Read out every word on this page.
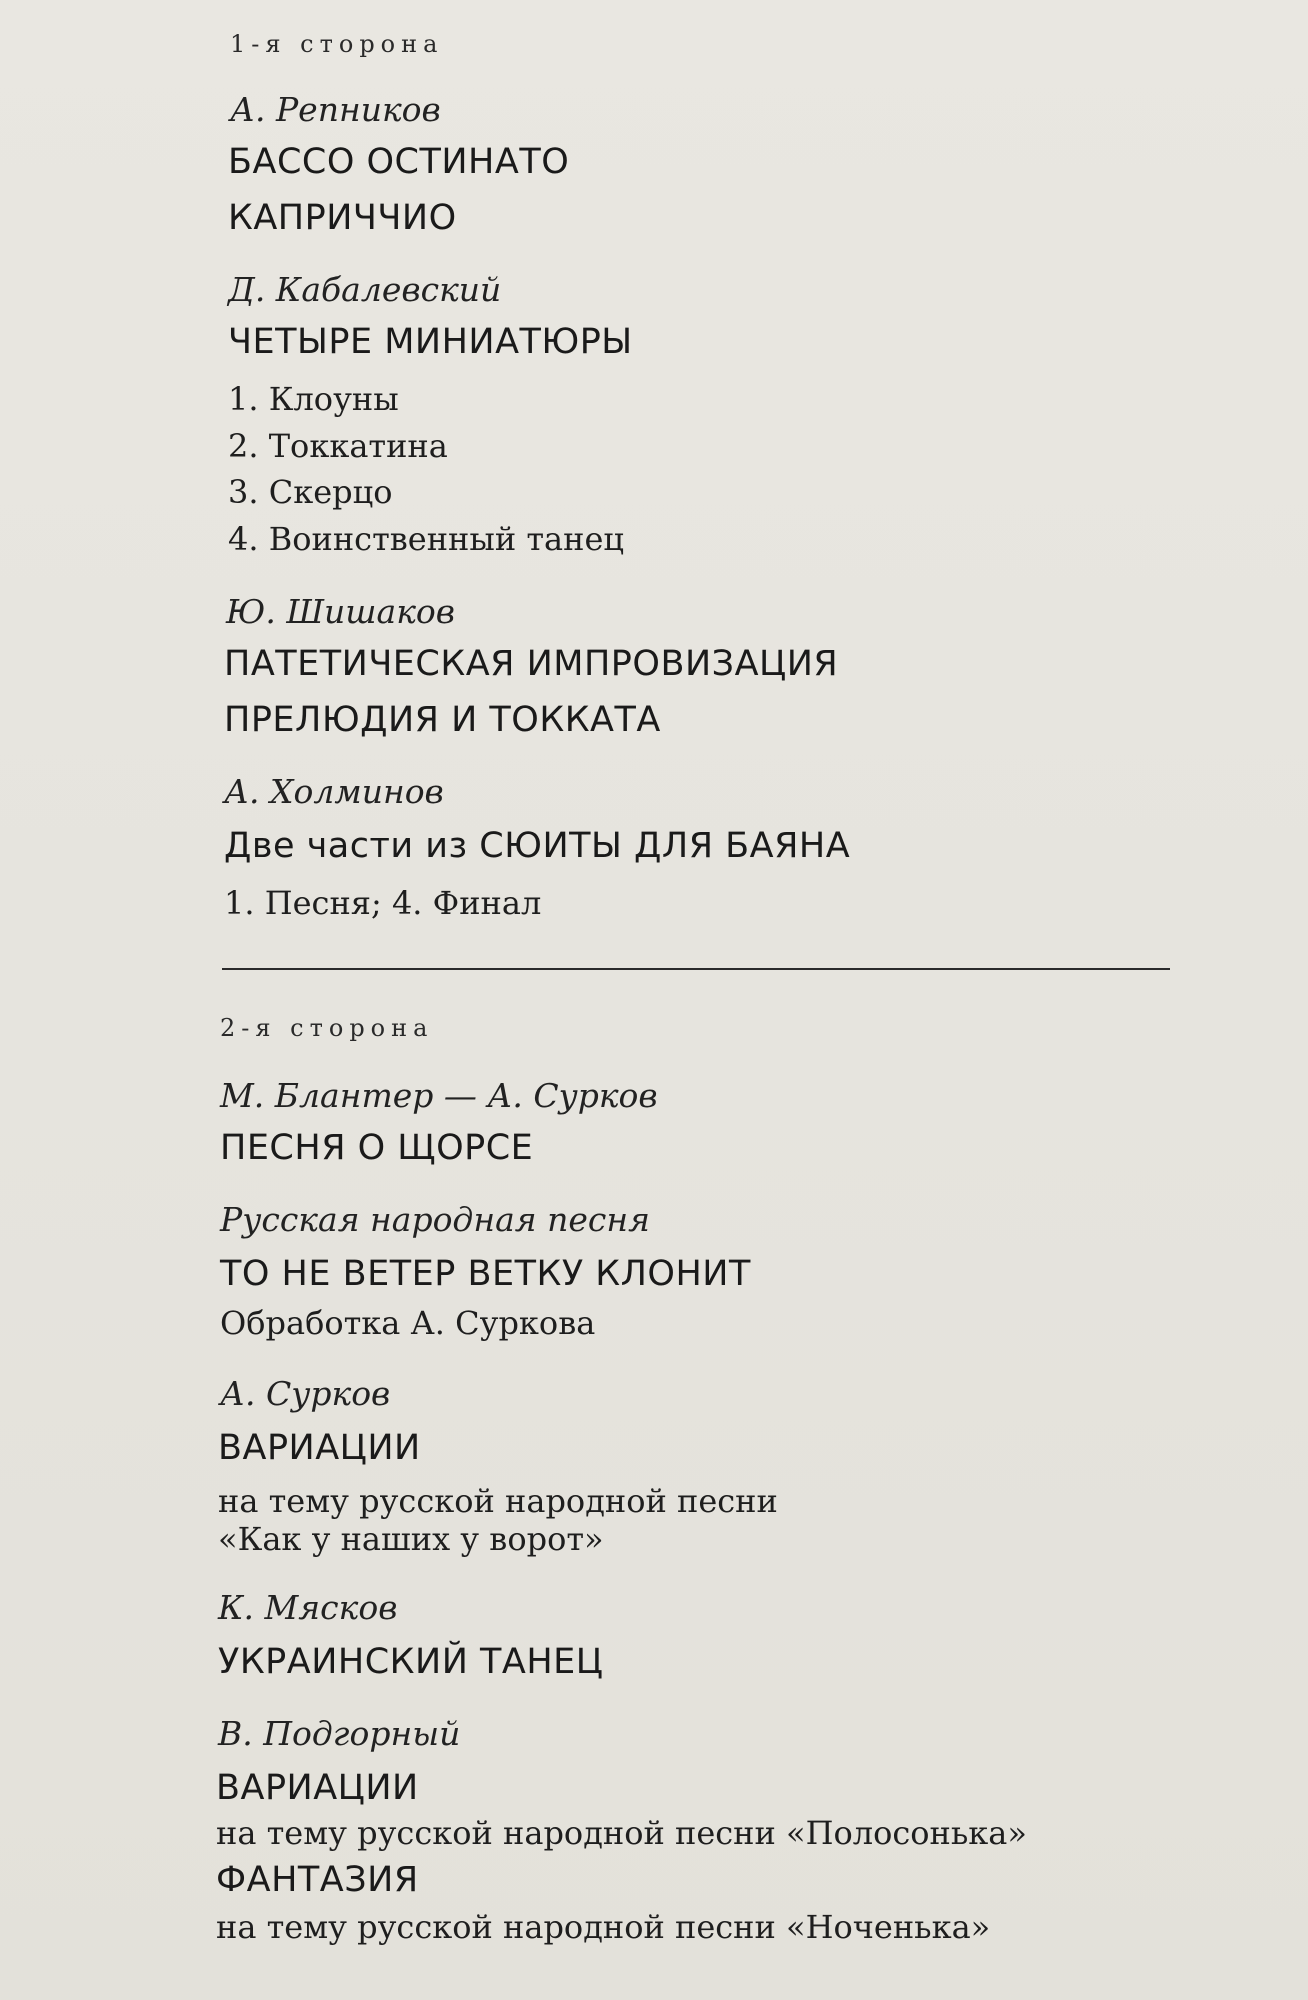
1-я сторона
А. Репников
БАССО ОСТИНАТО
КАПРИЧЧИО
Д. Кабалевский
ЧЕТЫРЕ МИНИАТЮРЫ
1. Клоуны
2. Токкатина
3. Скерцо
4. Воинственный танец
Ю. Шишаков
ПАТЕТИЧЕСКАЯ ИМПРОВИЗАЦИЯ
ПРЕЛЮДИЯ И ТОККАТА
А. Холминов
Две части из СЮИТЫ ДЛЯ БАЯНА
1. Песня; 4. Финал
2-я сторона
М. Блантер — А. Сурков
ПЕСНЯ О ЩОРСЕ
Русская народная песня
ТО НЕ ВЕТЕР ВЕТКУ КЛОНИТ
Обработка А. Суркова
А. Сурков
ВАРИАЦИИ
на тему русской народной песни
«Как у наших у ворот»
К. Мясков
УКРАИНСКИЙ ТАНЕЦ
В. Подгорный
ВАРИАЦИИ
на тему русской народной песни «Полосонька»
ФАНТАЗИЯ
на тему русской народной песни «Ноченька»
